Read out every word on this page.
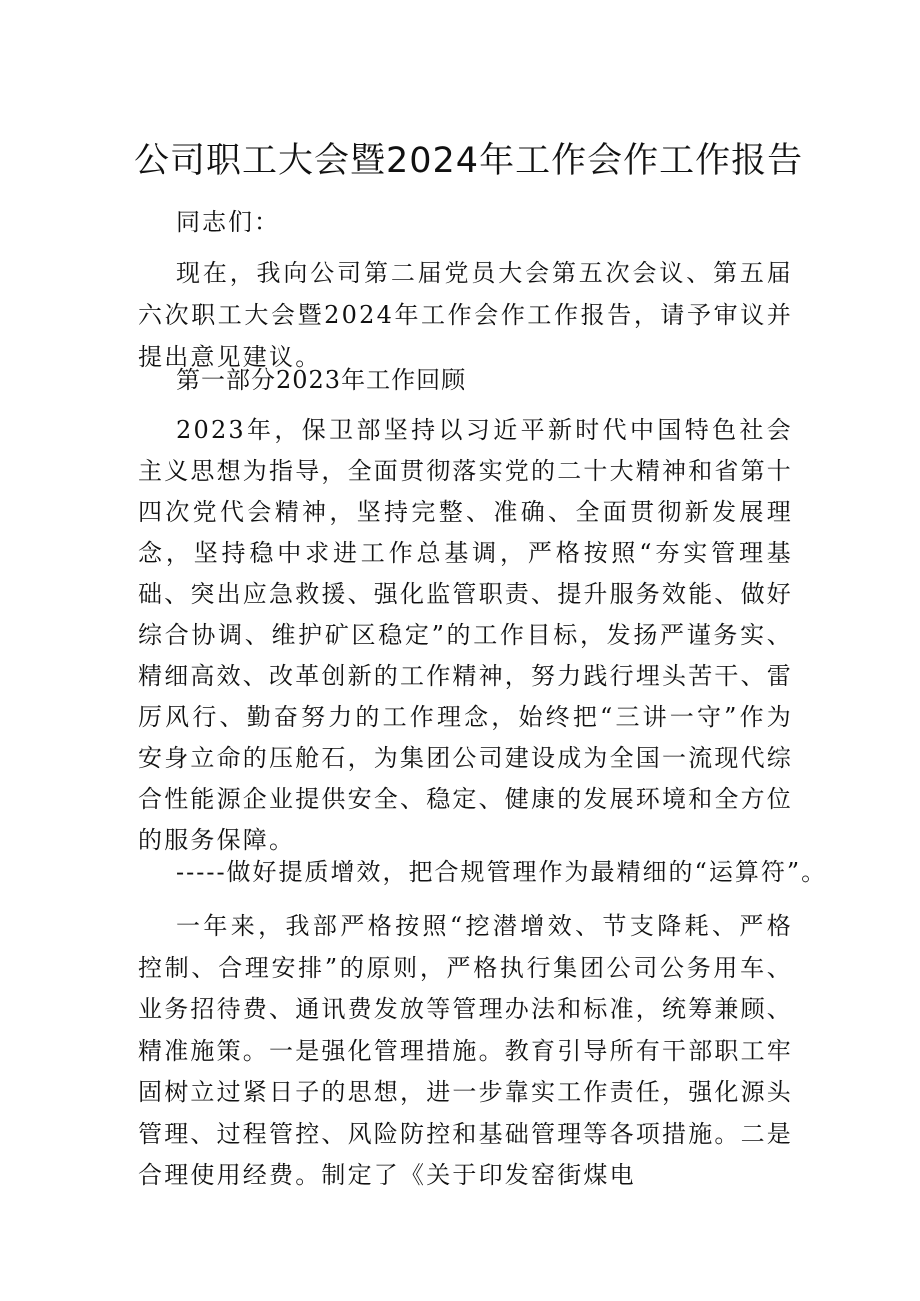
公司职工大会暨2024年工作会作工作报告
同志们：
现在，我向公司第二届党员大会第五次会议、第五届六次职工大会暨2024年工作会作工作报告，请予审议并提出意见建议。
第一部分2023年工作回顾
2023年，保卫部坚持以习近平新时代中国特色社会主义思想为指导，全面贯彻落实党的二十大精神和省第十四次党代会精神，坚持完整、准确、全面贯彻新发展理念，坚持稳中求进工作总基调，严格按照“夯实管理基础、突出应急救援、强化监管职责、提升服务效能、做好综合协调、维护矿区稳定”的工作目标，发扬严谨务实、精细高效、改革创新的工作精神，努力践行埋头苦干、雷厉风行、勤奋努力的工作理念，始终把“三讲一守”作为安身立命的压舱石，为集团公司建设成为全国一流现代综合性能源企业提供安全、稳定、健康的发展环境和全方位的服务保障。
-----做好提质增效，把合规管理作为最精细的“运算符”。
一年来，我部严格按照“挖潜增效、节支降耗、严格控制、合理安排”的原则，严格执行集团公司公务用车、业务招待费、通讯费发放等管理办法和标准，统筹兼顾、精准施策。一是强化管理措施。教育引导所有干部职工牢固树立过紧日子的思想，进一步靠实工作责任，强化源头管理、过程管控、风险防控和基础管理等各项措施。二是合理使用经费。制定了《关于印发窑街煤电
